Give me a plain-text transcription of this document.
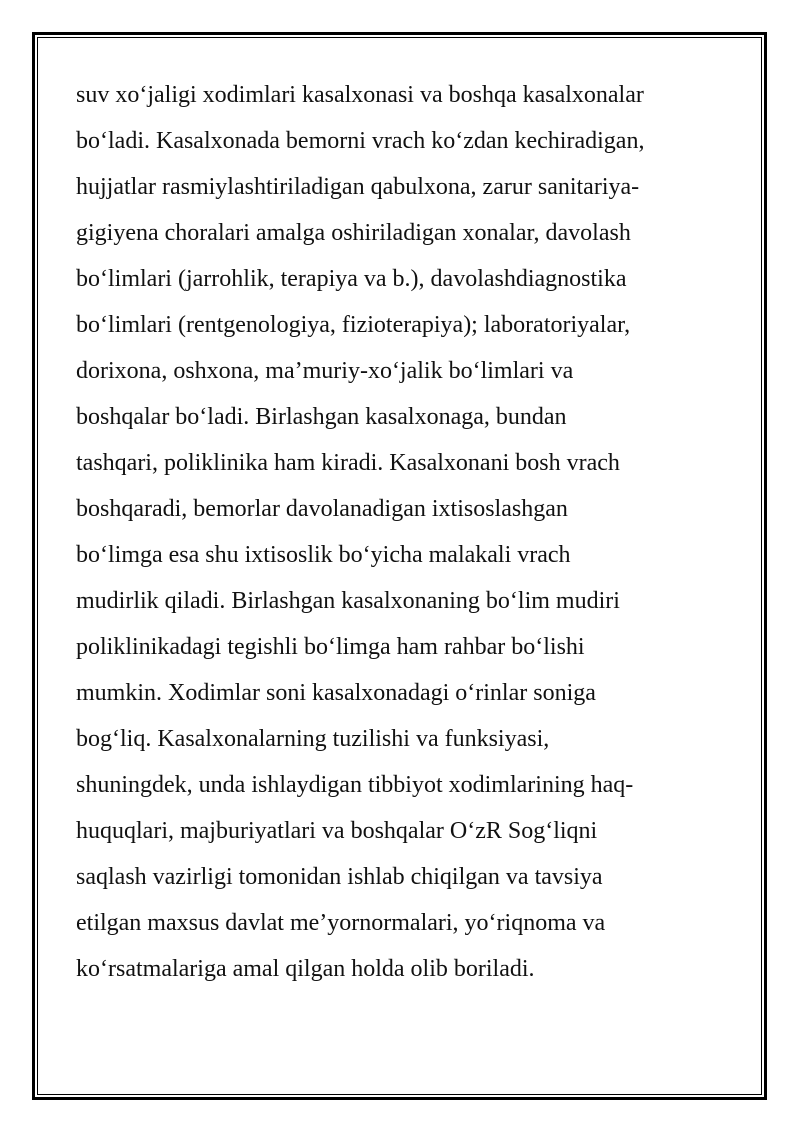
suv xo‘jaligi xodimlari kasalxonasi va boshqa kasalxonalar
bo‘ladi. Kasalxonada bemorni vrach ko‘zdan kechiradigan,
hujjatlar rasmiylashtiriladigan qabulxona, zarur sanitariya-
gigiyena choralari amalga oshiriladigan xonalar, davolash
bo‘limlari (jarrohlik, terapiya va b.), davolashdiagnostika
bo‘limlari (rentgenologiya, fizioterapiya); laboratoriyalar,
dorixona, oshxona, ma’muriy-xo‘jalik bo‘limlari va
boshqalar bo‘ladi. Birlashgan kasalxonaga, bundan
tashqari, poliklinika ham kiradi. Kasalxonani bosh vrach
boshqaradi, bemorlar davolanadigan ixtisoslashgan
bo‘limga esa shu ixtisoslik bo‘yicha malakali vrach
mudirlik qiladi. Birlashgan kasalxonaning bo‘lim mudiri
poliklinikadagi tegishli bo‘limga ham rahbar bo‘lishi
mumkin. Xodimlar soni kasalxonadagi o‘rinlar soniga
bog‘liq. Kasalxonalarning tuzilishi va funksiyasi,
shuningdek, unda ishlaydigan tibbiyot xodimlarining haq-
huquqlari, majburiyatlari va boshqalar O‘zR Sog‘liqni
saqlash vazirligi tomonidan ishlab chiqilgan va tavsiya
etilgan maxsus davlat me’yornormalari, yo‘riqnoma va
ko‘rsatmalariga amal qilgan holda olib boriladi.
